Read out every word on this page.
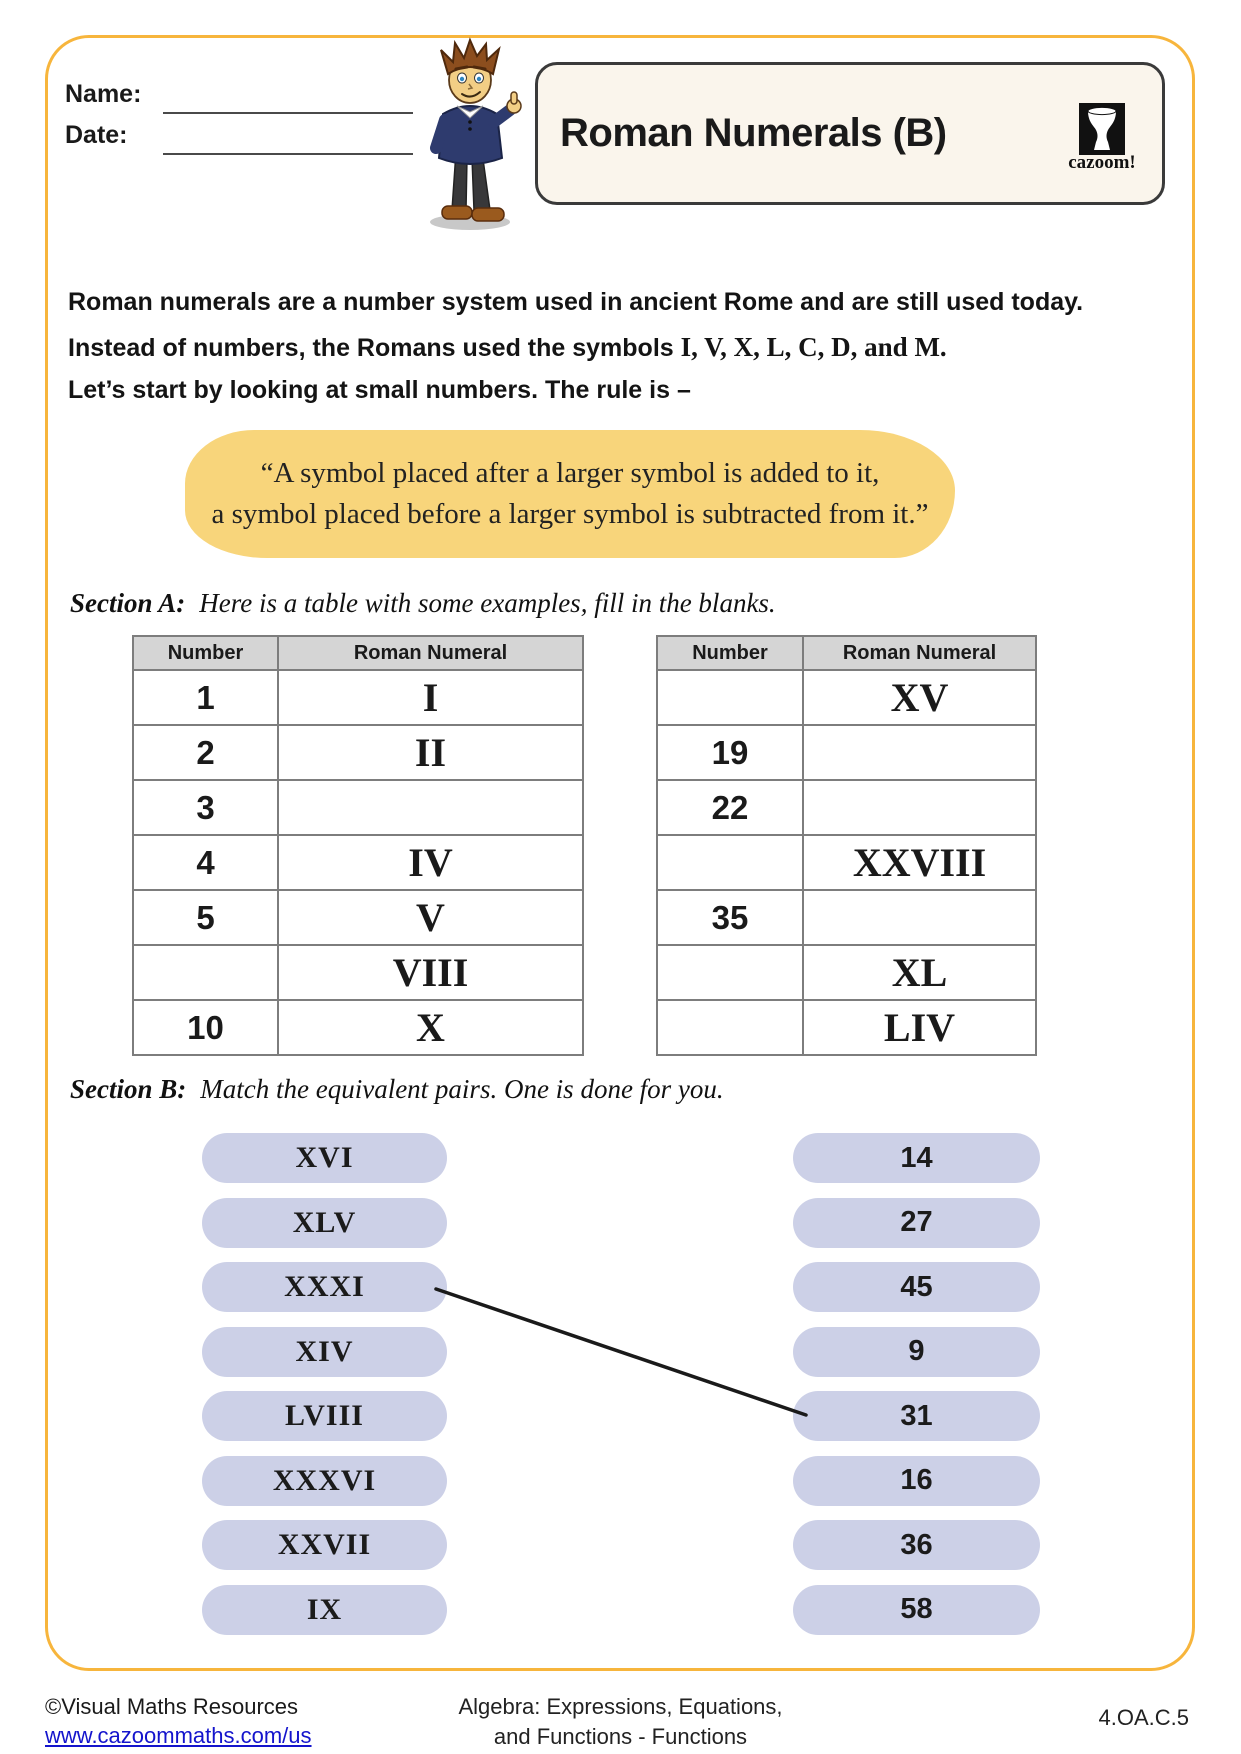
Name:
Date:	Roman Numerals (B)
cazoom!
Roman numerals are a number system used in ancient Rome and are still used today.
Instead of numbers, the Romans used the symbols I, V, X, L, C, D, and M.
Let’s start by looking at small numbers. The rule is –
“A symbol placed after a larger symbol is added to it,
a symbol placed before a larger symbol is subtracted from it.”
Section A: Here is a table with some examples, fill in the blanks.
Number	Roman Numeral
1	I
2	II
3	
4	IV
5	V
	VIII
10	X
Number	Roman Numeral
	XV
19	
22	
	XXVIII
35	
	XL
	LIV
Section B: Match the equivalent pairs. One is done for you.
XVI
XLV
XXXI
XIV
LVIII
XXXVI
XXVII
IX
14
27
45
9
31
16
36
58
©Visual Maths Resources
www.cazoommaths.com/us
Algebra: Expressions, Equations,
and Functions - Functions
4.OA.C.5
